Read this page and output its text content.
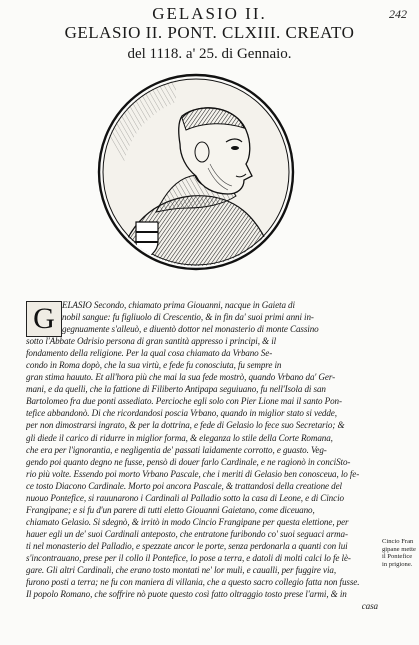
GELASIO II.	242
GELASIO II. PONT. CLXIII. CREATO
del 1118. a' 25. di Gennaio.
G ELASIO Secondo, chiamato prima Giouanni, nacque in Gaieta di
nobil sangue: fu figliuolo di Crescentio, & in fin da' suoi primi anni in-
gegnuamente s'alleuò, e diuentò dottor nel monasterio di monte Cassino
sotto l'Abbate Odrisio persona di gran santità appresso i principi, & il
fondamento della religione. Per la qual cosa chiamato da Vrbano Se-
condo in Roma dopò, che la sua virtù, e fede fu conosciuta, fu sempre in
gran stima hauuto. Et all'hora più che mai la sua fede mostrò, quando Vrbano da' Ger-
mani, e da quelli, che la fattione di Filiberto Antipapa seguiuano, fu nell'Isola di san
Bartolomeo fra due ponti assediato. Percioche egli solo con Pier Lione mai il santo Pon-
tefice abbandonò. Di che ricordandosi poscia Vrbano, quando in miglior stato si vedde,
per non dimostrarsi ingrato, & per la dottrina, e fede di Gelasio lo fece suo Secretario; &
gli diede il carico di ridurre in miglior forma, & eleganza lo stile della Corte Romana,
che era per l'ignorantia, e negligentia de' passati laidamente corrotto, e guasto. Veg-
gendo poi quanto degno ne fusse, pensò di douer farlo Cardinale, e ne ragionò in conciSto-
rio più volte. Essendo poi morto Vrbano Pascale, che i meriti di Gelasio ben conosceua, lo fe-
ce tosto Diacono Cardinale. Morto poi ancora Pascale, & trattandosi della creatione del
nuouo Pontefice, si rauunarono i Cardinali al Palladio sotto la casa di Leone, e di Cincio
Frangipane; e si fu d'un parere di tutti eletto Giouanni Gaietano, come diceuano,
chiamato Gelasio. Si sdegnò, & irritò in modo Cincio Frangipane per questa elettione, per
hauer egli un de' suoi Cardinali anteposto, che entratone furibondo co' suoi seguaci arma-
ti nel monasterio del Palladio, e spezzate ancor le porte, senza perdonarla a quanti con lui
s'incontrauano, prese per il collo il Pontefice, lo pose a terra, e datoli di molti calci lo fe lè-
gare. Gli altri Cardinali, che erano tosto montati ne' lor muli, e caualli, per fuggire via,
furono posti a terra; ne fu con maniera di villania, che a questo sacro collegio fatta non fusse.
Il popolo Romano, che soffrire nò puote questo così fatto oltraggio tosto prese l'armi, & in
casa
Cincio Fran
gipane mette
il Pontefice
in prigione.
